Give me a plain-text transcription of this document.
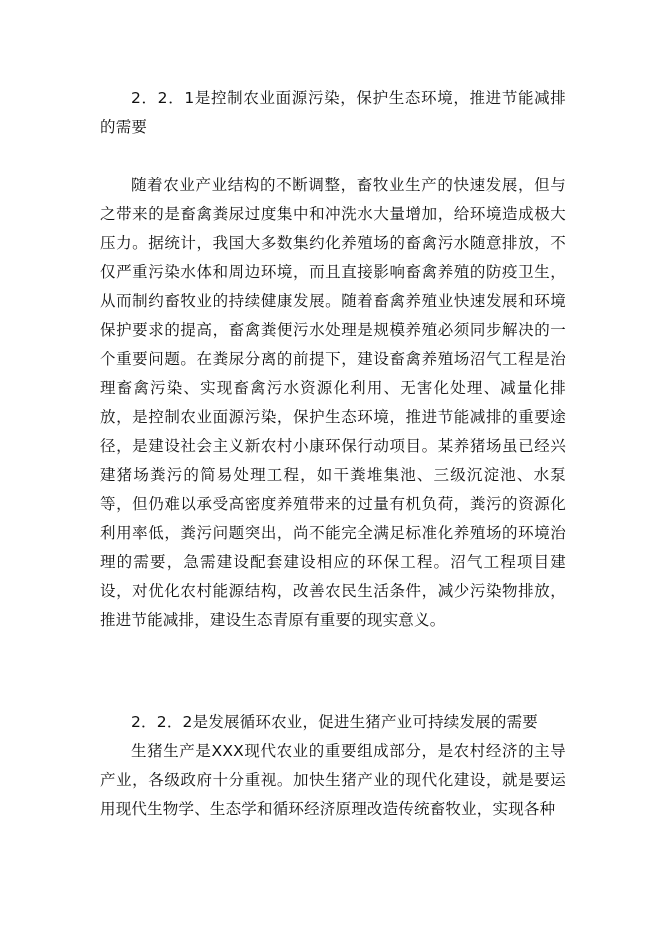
2．2．1是控制农业面源污染，保护生态环境，推进节能减排的需要

随着农业产业结构的不断调整，畜牧业生产的快速发展，但与之带来的是畜禽粪尿过度集中和冲洗水大量增加，给环境造成极大压力。据统计，我国大多数集约化养殖场的畜禽污水随意排放，不仅严重污染水体和周边环境，而且直接影响畜禽养殖的防疫卫生，从而制约畜牧业的持续健康发展。随着畜禽养殖业快速发展和环境保护要求的提高，畜禽粪便污水处理是规模养殖必须同步解决的一个重要问题。在粪尿分离的前提下，建设畜禽养殖场沼气工程是治理畜禽污染、实现畜禽污水资源化利用、无害化处理、减量化排放，是控制农业面源污染，保护生态环境，推进节能减排的重要途径，是建设社会主义新农村小康环保行动项目。某养猪场虽已经兴建猪场粪污的简易处理工程，如干粪堆集池、三级沉淀池、水泵等，但仍难以承受高密度养殖带来的过量有机负荷，粪污的资源化利用率低，粪污问题突出，尚不能完全满足标准化养殖场的环境治理的需要，急需建设配套建设相应的环保工程。沼气工程项目建设，对优化农村能源结构，改善农民生活条件，减少污染物排放，推进节能减排，建设生态青原有重要的现实意义。

2．2．2是发展循环农业，促进生猪产业可持续发展的需要

生猪生产是XXX现代农业的重要组成部分，是农村经济的主导产业，各级政府十分重视。加快生猪产业的现代化建设，就是要运用现代生物学、生态学和循环经济原理改造传统畜牧业，实现各种
